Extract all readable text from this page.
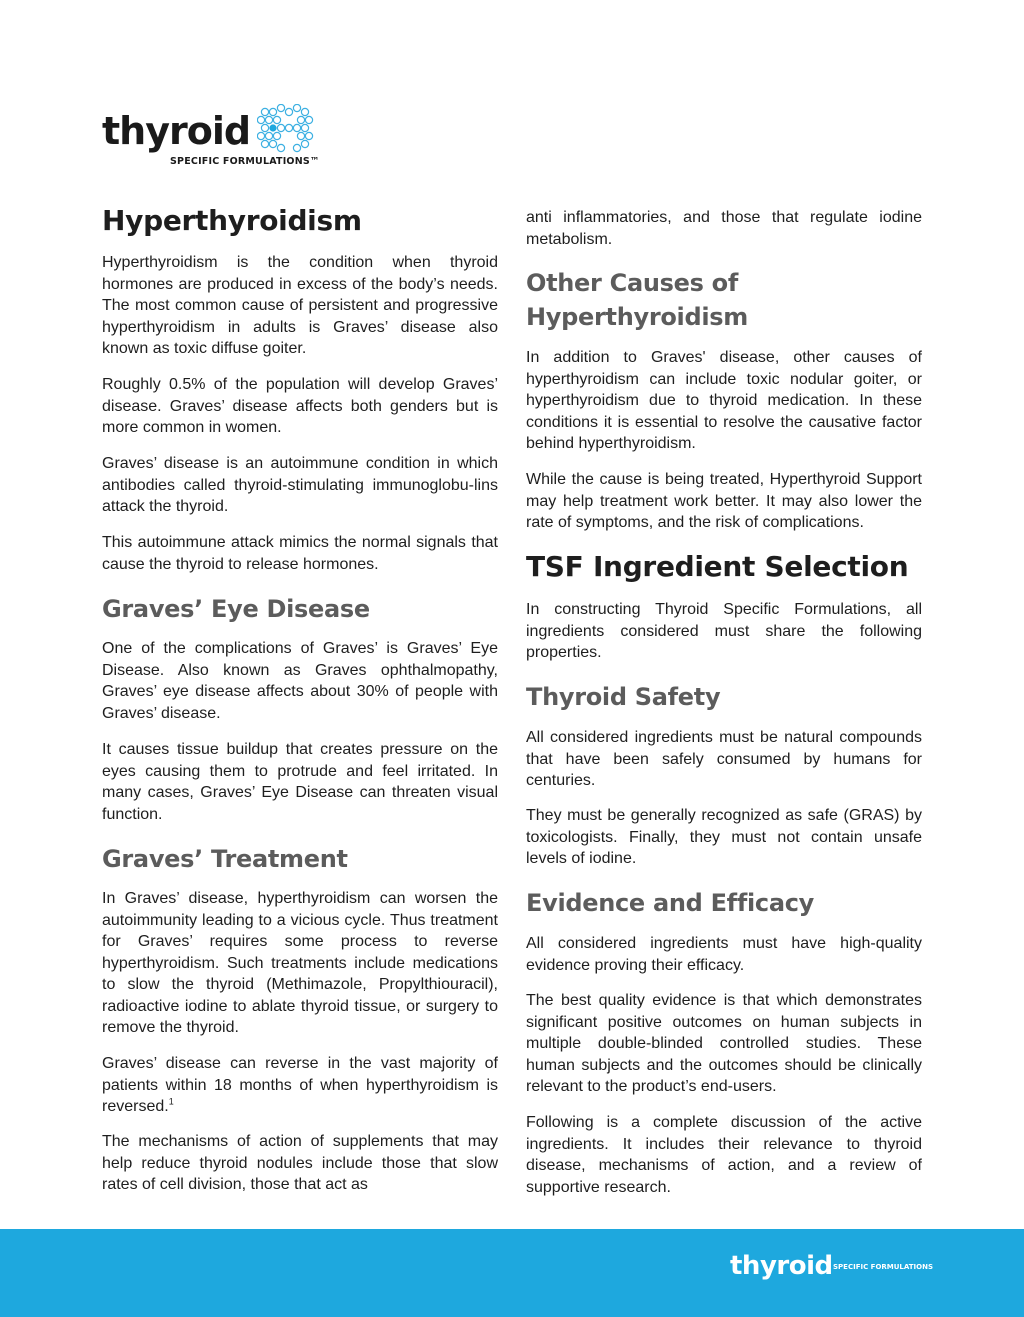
thyroid
SPECIFIC FORMULATIONS™
Hyperthyroidism

Hyperthyroidism is the condition when thyroid hormones are produced in excess of the body’s needs. The most common cause of persistent and progressive hyperthyroidism in adults is Graves’ disease also known as toxic diffuse goiter.

Roughly 0.5% of the population will develop Graves’ disease. Graves’ disease affects both genders but is more common in women.

Graves’ disease is an autoimmune condition in which antibodies called thyroid-stimulating immunoglobu-lins attack the thyroid.

This autoimmune attack mimics the normal signals that cause the thyroid to release hormones.

Graves’ Eye Disease

One of the complications of Graves’ is Graves’ Eye Disease. Also known as Graves ophthalmopathy, Graves’ eye disease affects about 30% of people with Graves’ disease.

It causes tissue buildup that creates pressure on the eyes causing them to protrude and feel irritated. In many cases, Graves’ Eye Disease can threaten visual function.

Graves’ Treatment

In Graves’ disease, hyperthyroidism can worsen the autoimmunity leading to a vicious cycle. Thus treatment for Graves’ requires some process to reverse hyperthyroidism. Such treatments include medications to slow the thyroid (Methimazole, Propylthiouracil), radioactive iodine to ablate thyroid tissue, or surgery to remove the thyroid.

Graves’ disease can reverse in the vast majority of patients within 18 months of when hyperthyroidism is reversed.$^1$

The mechanisms of action of supplements that may help reduce thyroid nodules include those that slow rates of cell division, those that act as

anti inflammatories, and those that regulate iodine metabolism.

Other Causes of Hyperthyroidism

In addition to Graves' disease, other causes of hyperthyroidism can include toxic nodular goiter, or hyperthyroidism due to thyroid medication. In these conditions it is essential to resolve the causative factor behind hyperthyroidism.

While the cause is being treated, Hyperthyroid Support may help treatment work better. It may also lower the rate of symptoms, and the risk of complications.

TSF Ingredient Selection

In constructing Thyroid Specific Formulations, all ingredients considered must share the following properties.

Thyroid Safety

All considered ingredients must be natural compounds that have been safely consumed by humans for centuries.

They must be generally recognized as safe (GRAS) by toxicologists. Finally, they must not contain unsafe levels of iodine.

Evidence and Efficacy

All considered ingredients must have high-quality evidence proving their efficacy.

The best quality evidence is that which demonstrates significant positive outcomes on human subjects in multiple double-blinded controlled studies. These human subjects and the outcomes should be clinically relevant to the product’s end-users.

Following is a complete discussion of the active ingredients. It includes their relevance to thyroid disease, mechanisms of action, and a review of supportive research.

thyroid SPECIFIC FORMULATIONS
